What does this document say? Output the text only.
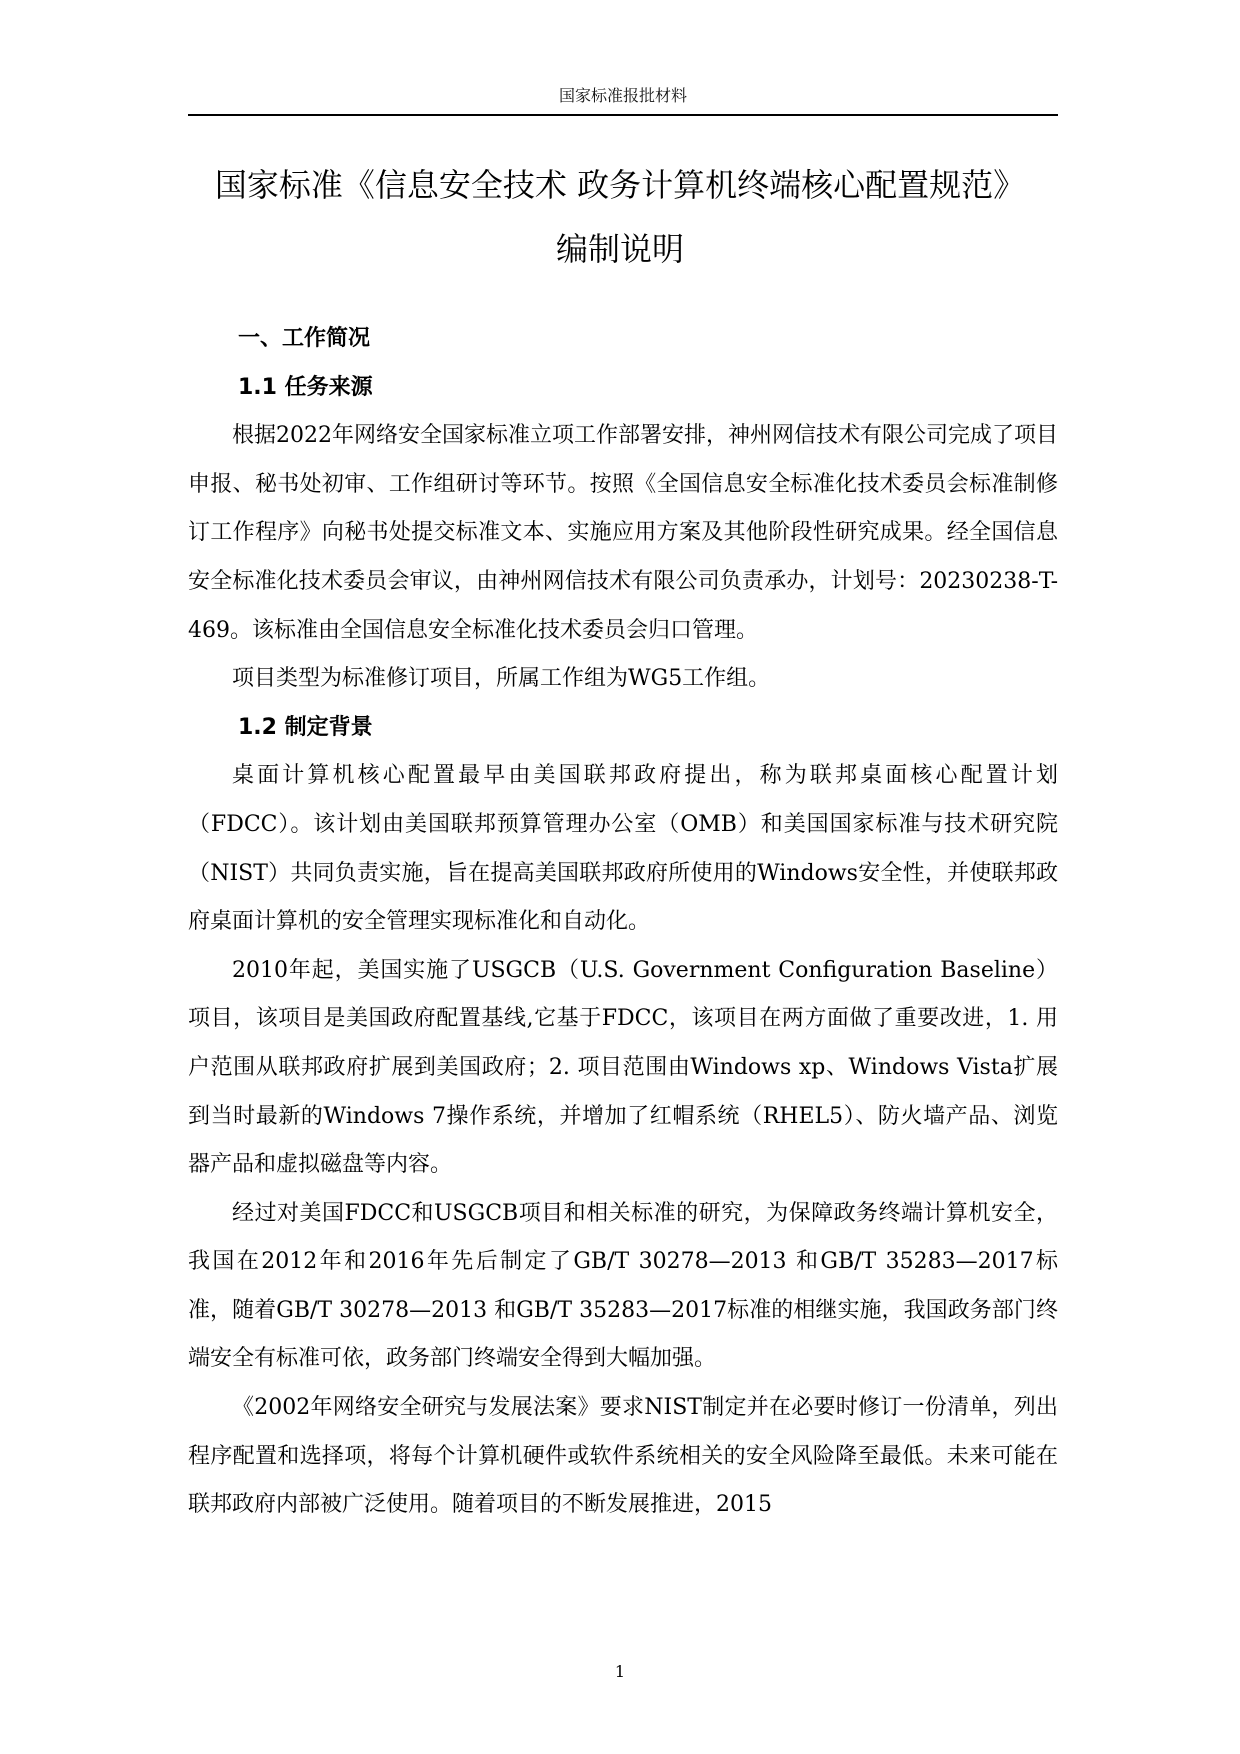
国家标准报批材料
国家标准《信息安全技术 政务计算机终端核心配置规范》
编制说明
一、工作简况
1.1 任务来源

根据2022年网络安全国家标准立项工作部署安排，神州网信技术有限公司完成了项目申报、秘书处初审、工作组研讨等环节。按照《全国信息安全标准化技术委员会标准制修订工作程序》向秘书处提交标准文本、实施应用方案及其他阶段性研究成果。经全国信息安全标准化技术委员会审议，由神州网信技术有限公司负责承办，计划号：20230238-T-469。该标准由全国信息安全标准化技术委员会归口管理。

项目类型为标准修订项目，所属工作组为WG5工作组。

1.2 制定背景

桌面计算机核心配置最早由美国联邦政府提出，称为联邦桌面核心配置计划（FDCC）。该计划由美国联邦预算管理办公室（OMB）和美国国家标准与技术研究院（NIST）共同负责实施，旨在提高美国联邦政府所使用的Windows安全性，并使联邦政府桌面计算机的安全管理实现标准化和自动化。

2010年起，美国实施了USGCB（U.S. Government Configuration Baseline）项目，该项目是美国政府配置基线,它基于FDCC，该项目在两方面做了重要改进，1. 用户范围从联邦政府扩展到美国政府；2. 项目范围由Windows xp、Windows Vista扩展到当时最新的Windows 7操作系统，并增加了红帽系统（RHEL5）、防火墙产品、浏览器产品和虚拟磁盘等内容。

经过对美国FDCC和USGCB项目和相关标准的研究，为保障政务终端计算机安全，我国在2012年和2016年先后制定了GB/T 30278—2013 和GB/T 35283—2017标准，随着GB/T 30278—2013 和GB/T 35283—2017标准的相继实施，我国政务部门终端安全有标准可依，政务部门终端安全得到大幅加强。

《2002年网络安全研究与发展法案》要求NIST制定并在必要时修订一份清单，列出程序配置和选择项，将每个计算机硬件或软件系统相关的安全风险降至最低。未来可能在联邦政府内部被广泛使用。随着项目的不断发展推进，2015

1
